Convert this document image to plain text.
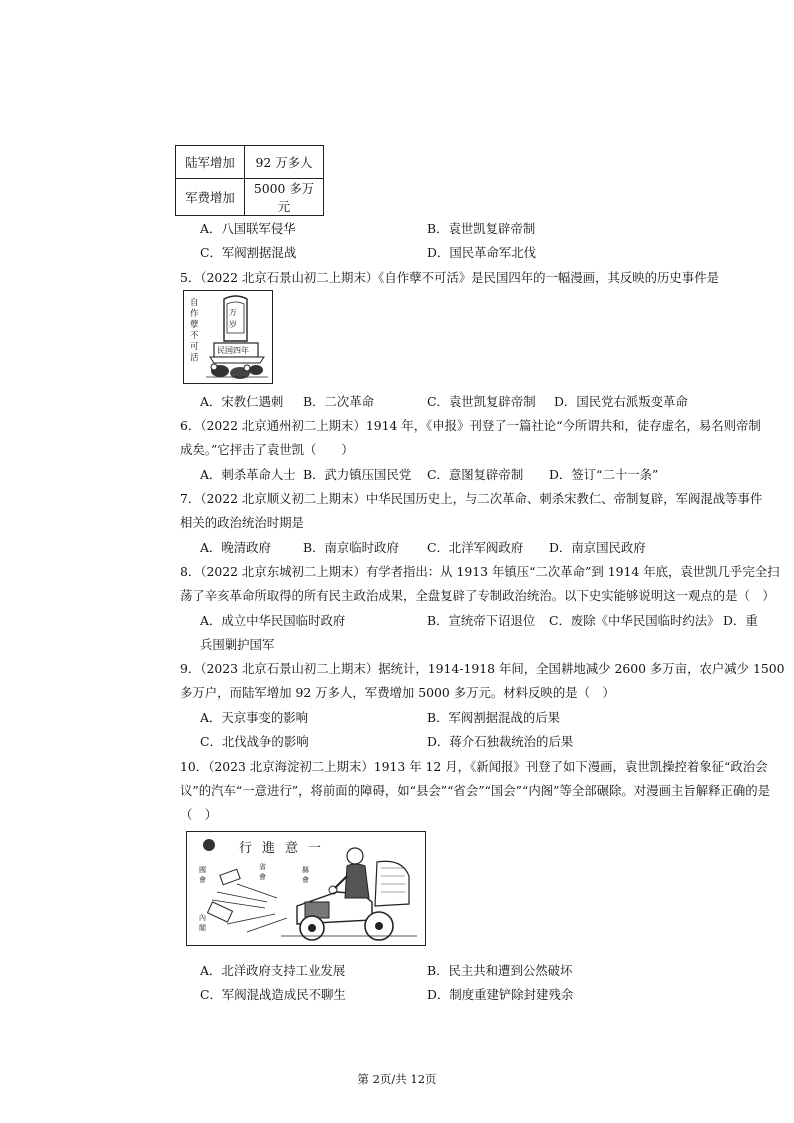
陆军增加	92 万多人
军费增加	5000 多万元
A．八国联军侵华	B．袁世凯复辟帝制
C．军阀割据混战	D．国民革命军北伐
5．（2022 北京石景山初二上期末）《自作孽不可活》是民国四年的一幅漫画，其反映的历史事件是
自作孽不可活
万
岁
民国四年
A．宋教仁遇刺 B．二次革命	C．袁世凯复辟帝制 D．国民党右派叛变革命
6．（2022 北京通州初二上期末）1914 年，《申报》刊登了一篇社论“今所谓共和，徒存虚名，易名则帝制
成矣。”它抨击了袁世凯（　　）
A．刺杀革命人士 B．武力镇压国民党 C．意图复辟帝制 D．签订“二十一条”
7．（2022 北京顺义初二上期末）中华民国历史上，与二次革命、刺杀宋教仁、帝制复辟，军阀混战等事件
相关的政治统治时期是
A．晚清政府	B．南京临时政府 C．北洋军阀政府 D．南京国民政府
8．（2022 北京东城初二上期末）有学者指出：从 1913 年镇压“二次革命”到 1914 年底，袁世凯几乎完全扫
荡了辛亥革命所取得的所有民主政治成果，全盘复辟了专制政治统治。以下史实能够说明这一观点的是（　）
A．成立中华民国临时政府	B．宣统帝下诏退位 C．废除《中华民国临时约法》 D．重
兵围剿护国军
9．（2023 北京石景山初二上期末）据统计，1914-1918 年间，全国耕地减少 2600 多万亩，农户减少 1500
多万户，而陆军增加 92 万多人，军费增加 5000 多万元。材料反映的是（　）
A．天京事变的影响	B．军阀割据混战的后果
C．北伐战争的影响	D．蒋介石独裁统治的后果
10．（2023 北京海淀初二上期末）1913 年 12 月，《新闻报》刊登了如下漫画，袁世凯操控着象征“政治会
议”的汽车“一意进行”，将前面的障碍，如“县会”“省会”“国会”“内阁”等全部碾除。对漫画主旨解释正确的是
（　）
行進意一
國
會
省
會
縣
會
內
閣
A．北洋政府支持工业发展	B．民主共和遭到公然破坏
C．军阀混战造成民不聊生	D．制度重建铲除封建残余
第 2页/共 12页
